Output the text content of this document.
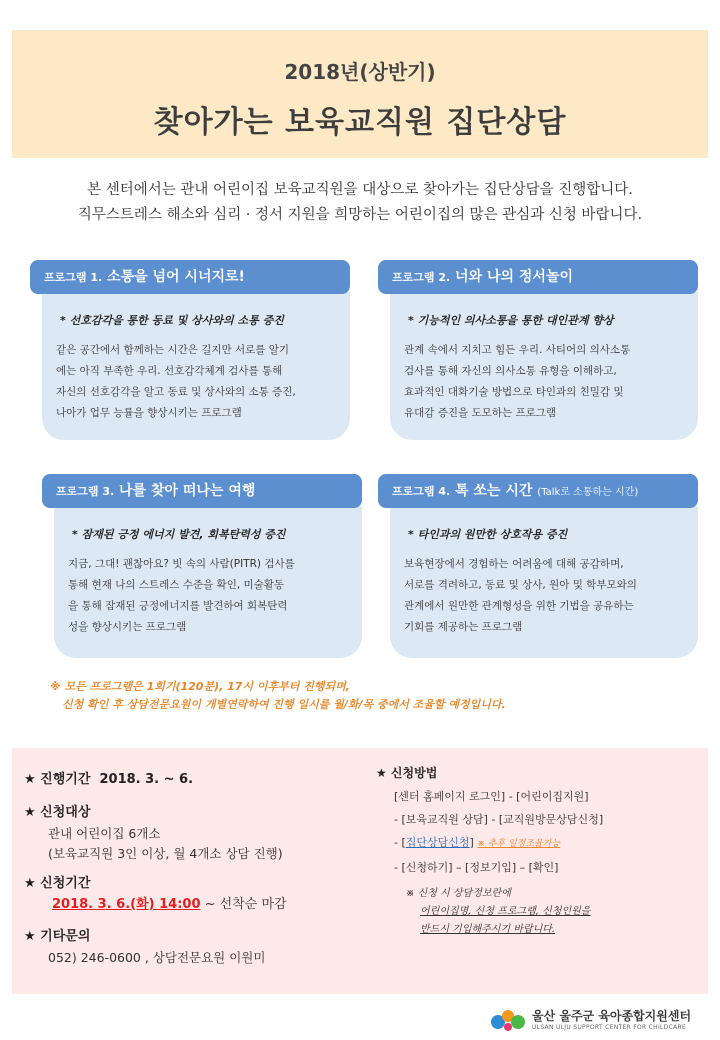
2018년(상반기)
찾아가는 보육교직원 집단상담
본 센터에서는 관내 어린이집 보육교직원을 대상으로 찾아가는 집단상담을 진행합니다.
직무스트레스 해소와 심리 · 정서 지원을 희망하는 어린이집의 많은 관심과 신청 바랍니다.
프로그램 1. 소통을 넘어 시너지로!
* 선호감각을 통한 동료 및 상사와의 소통 증진
같은 공간에서 함께하는 시간은 길지만 서로를 알기
에는 아직 부족한 우리. 선호감각체계 검사를 통해
자신의 선호감각을 알고 동료 및 상사와의 소통 증진,
나아가 업무 능률을 향상시키는 프로그램
프로그램 2. 너와 나의 정서놀이
* 기능적인 의사소통을 통한 대인관계 향상
관계 속에서 지치고 힘든 우리. 사티어의 의사소통
검사를 통해 자신의 의사소통 유형을 이해하고,
효과적인 대화기술 방법으로 타인과의 친밀감 및
유대감 증진을 도모하는 프로그램
프로그램 3. 나를 찾아 떠나는 여행
* 잠재된 긍정 에너지 발견, 회복탄력성 증진
지금, 그대! 괜찮아요? 빗 속의 사람(PITR) 검사를
통해 현재 나의 스트레스 수준을 확인, 미술활동
을 통해 잠재된 긍정에너지를 발견하여 회복탄력
성을 향상시키는 프로그램
프로그램 4. 톡 쏘는 시간 (Talk로 소통하는 시간)
* 타인과의 원만한 상호작용 증진
보육현장에서 경험하는 어려움에 대해 공감하며,
서로를 격려하고, 동료 및 상사, 원아 및 학부모와의
관계에서 원만한 관계형성을 위한 기법을 공유하는
기회를 제공하는 프로그램
※ 모든 프로그램은 1회기(120분), 17시 이후부터 진행되며,
신청 확인 후 상담전문요원이 개별연락하여 진행 일시를 월/화/목 중에서 조율할 예정입니다.
★ 진행기간 2018. 3. ~ 6.
★ 신청대상
관내 어린이집 6개소
(보육교직원 3인 이상, 월 4개소 상담 진행)
★ 신청기간
2018. 3. 6.(화) 14:00 ~ 선착순 마감
★ 기타문의
052) 246-0600 , 상담전문요원 이원미
★ 신청방법
[센터 홈페이지 로그인] - [어린이집지원]
- [보육교직원 상담] - [교직원방문상담신청]
- [집단상담신청] ※ 추후 일정조율가능
- [신청하기] – [정보기입] – [확인]
※ 신청 시 상담정보란에
어린이집명, 신청 프로그램, 신청인원을
반드시 기입해주시기 바랍니다.
울산 울주군 육아종합지원센터
ULSAN ULJU SUPPORT CENTER FOR CHILDCARE
